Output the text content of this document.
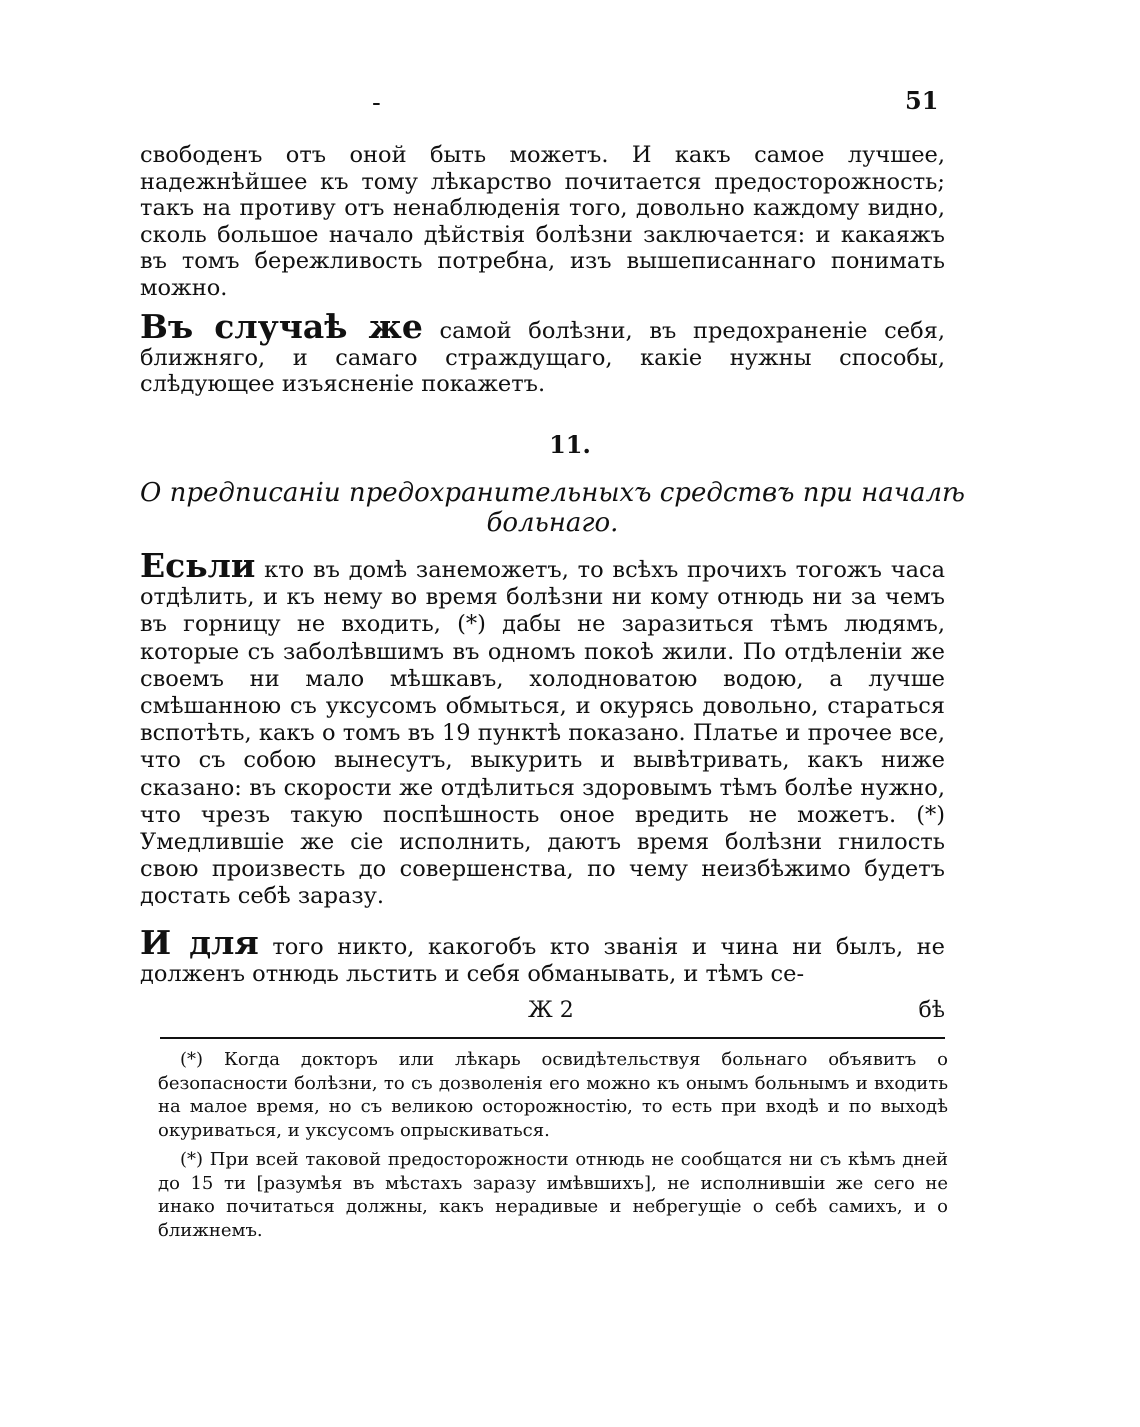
-	51

свободенъ отъ оной быть можетъ. И какъ самое лучшее, надежнѣйшее къ тому лѣкарство почитается предосторожность; такъ на противу отъ ненаблюденія того, довольно каждому видно, сколь большое начало дѣйствія болѣзни заключается: и какаяжъ въ томъ бережливость потребна, изъ вышеписаннаго понимать можно.

Въ случаѣ же самой болѣзни, въ предохраненіе себя, ближняго, и самаго страждущаго, какіе нужны способы, слѣдующее изъясненіе покажетъ.

11.
О предписаніи предохранительныхъ средствъ при началѣ больнаго.

Есьли кто въ домѣ занеможетъ, то всѣхъ прочихъ тогожъ часа отдѣлить, и къ нему во время болѣзни ни кому отнюдь ни за чемъ въ горницу не входить, (*) дабы не заразиться тѣмъ людямъ, которые съ заболѣвшимъ въ одномъ покоѣ жили. По отдѣленіи же своемъ ни мало мѣшкавъ, холодноватою водою, а лучше смѣшанною съ уксусомъ обмыться, и окурясь довольно, стараться вспотѣть, какъ о томъ въ 19 пунктѣ показано. Платье и прочее все, что съ собою вынесутъ, выкурить и вывѣтривать, какъ ниже сказано: въ скорости же отдѣлиться здоровымъ тѣмъ болѣе нужно, что чрезъ такую поспѣшность оное вредить не можетъ. (*) Умедлившіе же сіе исполнить, даютъ время болѣзни гнилость свою произвесть до совершенства, по чему неизбѣжимо будетъ достать себѣ заразу.

И для того никто, какогобъ кто званія и чина ни былъ, не долженъ отнюдь льстить и себя обманывать, и тѣмъ се-

Ж 2	бѣ

(*) Когда докторъ или лѣкарь освидѣтельствуя больнаго объявитъ о безопасности болѣзни, то съ дозволенія его можно къ онымъ больнымъ и входить на малое время, но съ великою осторожностію, то есть при входѣ и по выходѣ окуриваться, и уксусомъ опрыскиваться.

(*) При всей таковой предосторожности отнюдь не сообщатся ни съ кѣмъ дней до 15 ти [разумѣя въ мѣстахъ заразу имѣвшихъ], не исполнившіи же сего не инако почитаться должны, какъ нерадивые и небрегущіе о себѣ самихъ, и о ближнемъ.
